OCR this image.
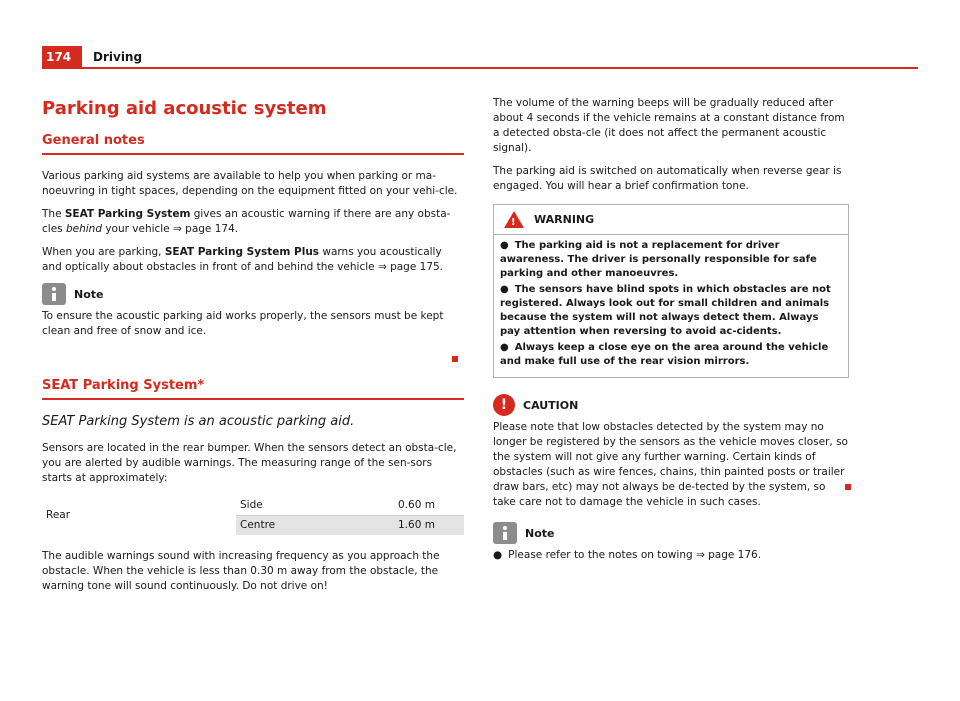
174	Driving
Parking aid acoustic system
General notes

Various parking aid systems are available to help you when parking or ma-noeuvring in tight spaces, depending on the equipment fitted on your vehi-cle.

The SEAT Parking System gives an acoustic warning if there are any obsta-cles behind your vehicle ⇒ page 174.

When you are parking, SEAT Parking System Plus warns you acoustically and optically about obstacles in front of and behind the vehicle ⇒ page 175.

Note

To ensure the acoustic parking aid works properly, the sensors must be kept clean and free of snow and ice.

SEAT Parking System*

SEAT Parking System is an acoustic parking aid.

Sensors are located in the rear bumper. When the sensors detect an obsta-cle, you are alerted by audible warnings. The measuring range of the sen-sors starts at approximately:

Rear	Side	0.60 m
	Centre	1.60 m

The audible warnings sound with increasing frequency as you approach the obstacle. When the vehicle is less than 0.30 m away from the obstacle, the warning tone will sound continuously. Do not drive on!

The volume of the warning beeps will be gradually reduced after about 4 seconds if the vehicle remains at a constant distance from a detected obsta-cle (it does not affect the permanent acoustic signal).

The parking aid is switched on automatically when reverse gear is engaged. You will hear a brief confirmation tone.

! WARNING

● The parking aid is not a replacement for driver awareness. The driver is personally responsible for safe parking and other manoeuvres.

● The sensors have blind spots in which obstacles are not registered. Always look out for small children and animals because the system will not always detect them. Always pay attention when reversing to avoid ac-cidents.

● Always keep a close eye on the area around the vehicle and make full use of the rear vision mirrors.

!	CAUTION

Please note that low obstacles detected by the system may no longer be registered by the sensors as the vehicle moves closer, so the system will not give any further warning. Certain kinds of obstacles (such as wire fences, chains, thin painted posts or trailer draw bars, etc) may not always be de-tected by the system, so take care not to damage the vehicle in such cases.

Note

● Please refer to the notes on towing ⇒ page 176.
